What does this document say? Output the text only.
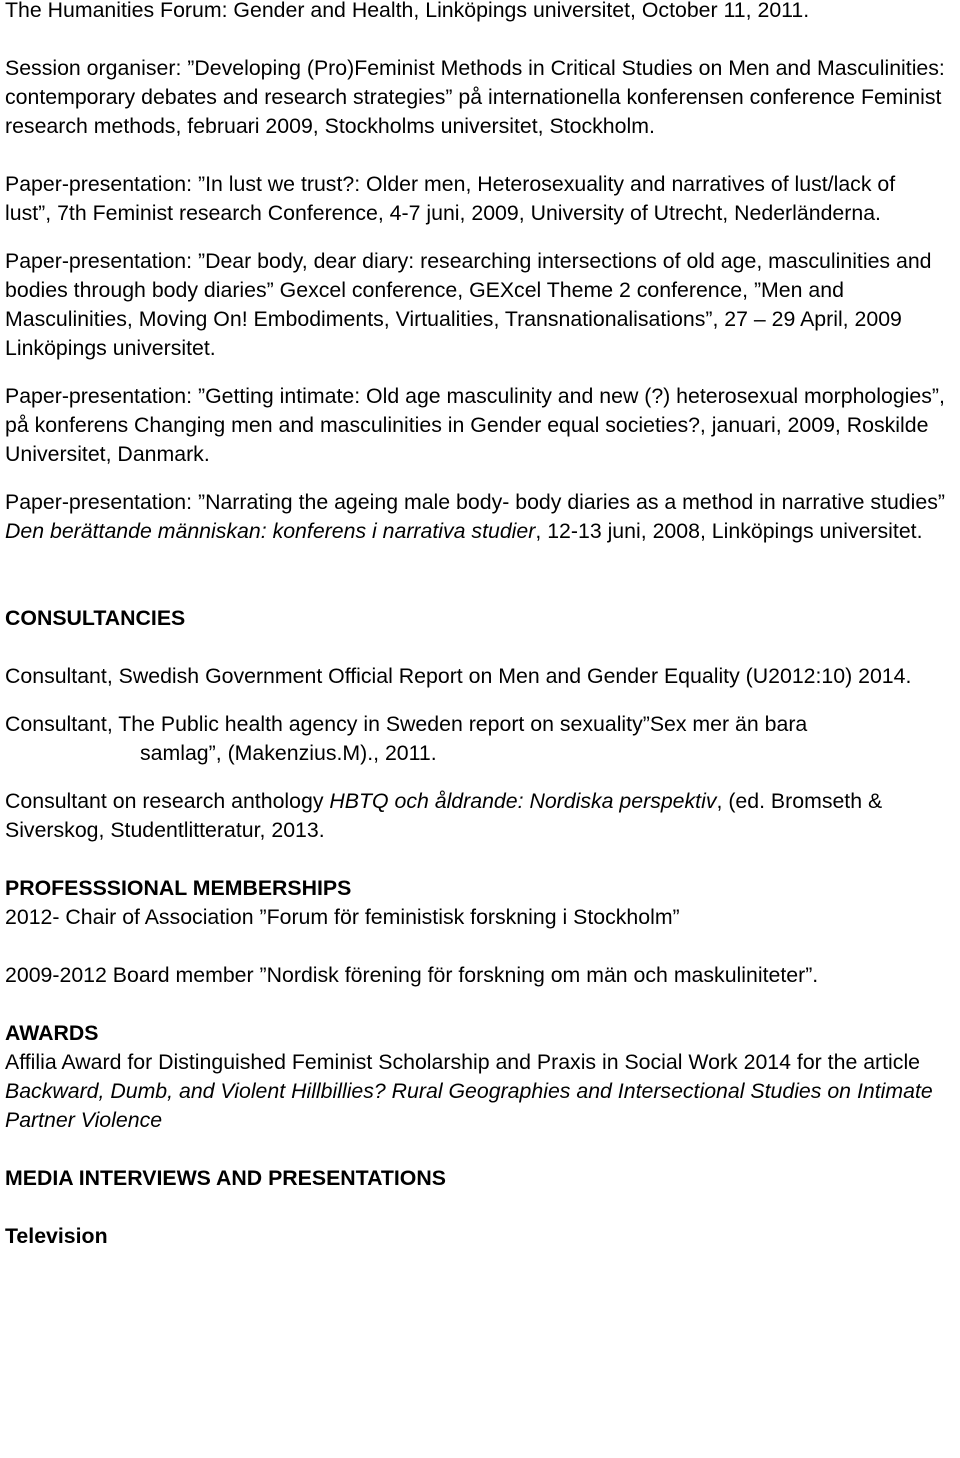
The Humanities Forum: Gender and Health, Linköpings universitet, October 11, 2011.

Session organiser: ”Developing (Pro)Feminist Methods in Critical Studies on Men and Masculinities: contemporary debates and research strategies” på internationella konferensen conference Feminist research methods, februari 2009, Stockholms universitet, Stockholm.

Paper-presentation: ”In lust we trust?: Older men, Heterosexuality and narratives of lust/lack of lust”, 7th Feminist research Conference, 4-7 juni, 2009, University of Utrecht, Nederländerna.

Paper-presentation: ”Dear body, dear diary: researching intersections of old age, masculinities and bodies through body diaries” Gexcel conference, GEXcel Theme 2 conference, ”Men and Masculinities, Moving On! Embodiments, Virtualities, Transnationalisations”, 27 – 29 April, 2009 Linköpings universitet.

Paper-presentation: ”Getting intimate: Old age masculinity and new (?) heterosexual morphologies”, på konferens Changing men and masculinities in Gender equal societies?, januari, 2009, Roskilde Universitet, Danmark.

Paper-presentation: ”Narrating the ageing male body- body diaries as a method in narrative studies” Den berättande människan: konferens i narrativa studier, 12-13 juni, 2008, Linköpings universitet.

CONSULTANCIES

Consultant, Swedish Government Official Report on Men and Gender Equality (U2012:10) 2014.

Consultant, The Public health agency in Sweden report on sexuality”Sex mer än bara
samlag”, (Makenzius.M)., 2011.

Consultant on research anthology HBTQ och åldrande: Nordiska perspektiv, (ed. Bromseth & Siverskog, Studentlitteratur, 2013.

PROFESSSIONAL MEMBERSHIPS

2012- Chair of Association ”Forum för feministisk forskning i Stockholm”

2009-2012 Board member ”Nordisk förening för forskning om män och maskuliniteter”.

AWARDS

Affilia Award for Distinguished Feminist Scholarship and Praxis in Social Work 2014 for the article Backward, Dumb, and Violent Hillbillies? Rural Geographies and Intersectional Studies on Intimate Partner Violence

MEDIA INTERVIEWS AND PRESENTATIONS

Television
